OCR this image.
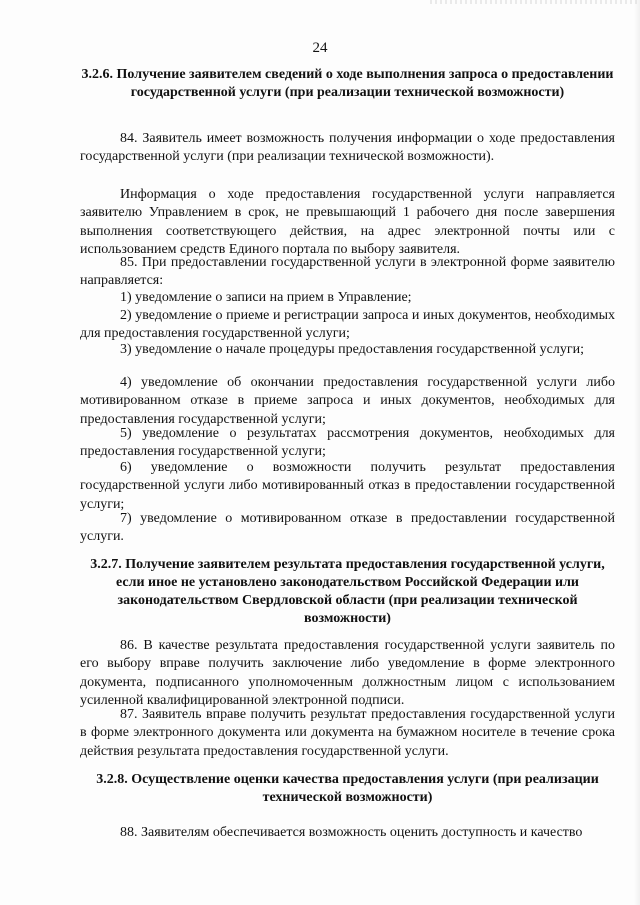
24
3.2.6. Получение заявителем сведений о ходе выполнения запроса о предоставлении государственной услуги (при реализации технической возможности)

84. Заявитель имеет возможность получения информации о ходе предоставления государственной услуги (при реализации технической возможности).

Информация о ходе предоставления государственной услуги направляется заявителю Управлением в срок, не превышающий 1 рабочего дня после завершения выполнения соответствующего действия, на адрес электронной почты или с использованием средств Единого портала по выбору заявителя.

85. При предоставлении государственной услуги в электронной форме заявителю направляется:

1) уведомление о записи на прием в Управление;

2) уведомление о приеме и регистрации запроса и иных документов, необходимых для предоставления государственной услуги;

3) уведомление о начале процедуры предоставления государственной услуги;

4) уведомление об окончании предоставления государственной услуги либо мотивированном отказе в приеме запроса и иных документов, необходимых для предоставления государственной услуги;

5) уведомление о результатах рассмотрения документов, необходимых для предоставления государственной услуги;

6) уведомление о возможности получить результат предоставления государственной услуги либо мотивированный отказ в предоставлении государственной услуги;

7) уведомление о мотивированном отказе в предоставлении государственной услуги.

3.2.7. Получение заявителем результата предоставления государственной услуги, если иное не установлено законодательством Российской Федерации или законодательством Свердловской области (при реализации технической возможности)

86. В качестве результата предоставления государственной услуги заявитель по его выбору вправе получить заключение либо уведомление в форме электронного документа, подписанного уполномоченным должностным лицом с использованием усиленной квалифицированной электронной подписи.

87. Заявитель вправе получить результат предоставления государственной услуги в форме электронного документа или документа на бумажном носителе в течение срока действия результата предоставления государственной услуги.

3.2.8. Осуществление оценки качества предоставления услуги (при реализации технической возможности)

88. Заявителям обеспечивается возможность оценить доступность и качество
